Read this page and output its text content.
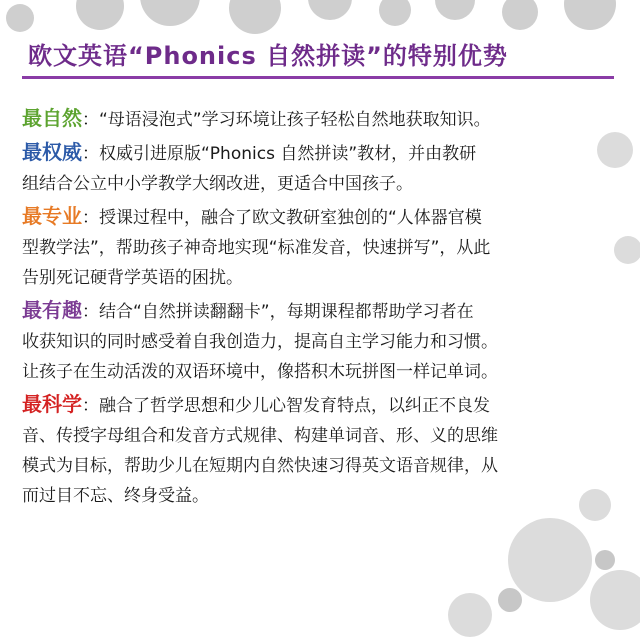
欧文英语“Phonics 自然拼读”的特别优势
最自然：“母语浸泡式”学习环境让孩子轻松自然地获取知识。
最权威：权威引进原版“Phonics 自然拼读”教材，并由教研
组结合公立中小学教学大纲改进，更适合中国孩子。
最专业：授课过程中，融合了欧文教研室独创的“人体器官模
型教学法”，帮助孩子神奇地实现“标准发音，快速拼写”，从此
告别死记硬背学英语的困扰。
最有趣：结合“自然拼读翻翻卡”，每期课程都帮助学习者在
收获知识的同时感受着自我创造力，提高自主学习能力和习惯。
让孩子在生动活泼的双语环境中，像搭积木玩拼图一样记单词。
最科学：融合了哲学思想和少儿心智发育特点，以纠正不良发
音、传授字母组合和发音方式规律、构建单词音、形、义的思维
模式为目标，帮助少儿在短期内自然快速习得英文语音规律，从
而过目不忘、终身受益。
